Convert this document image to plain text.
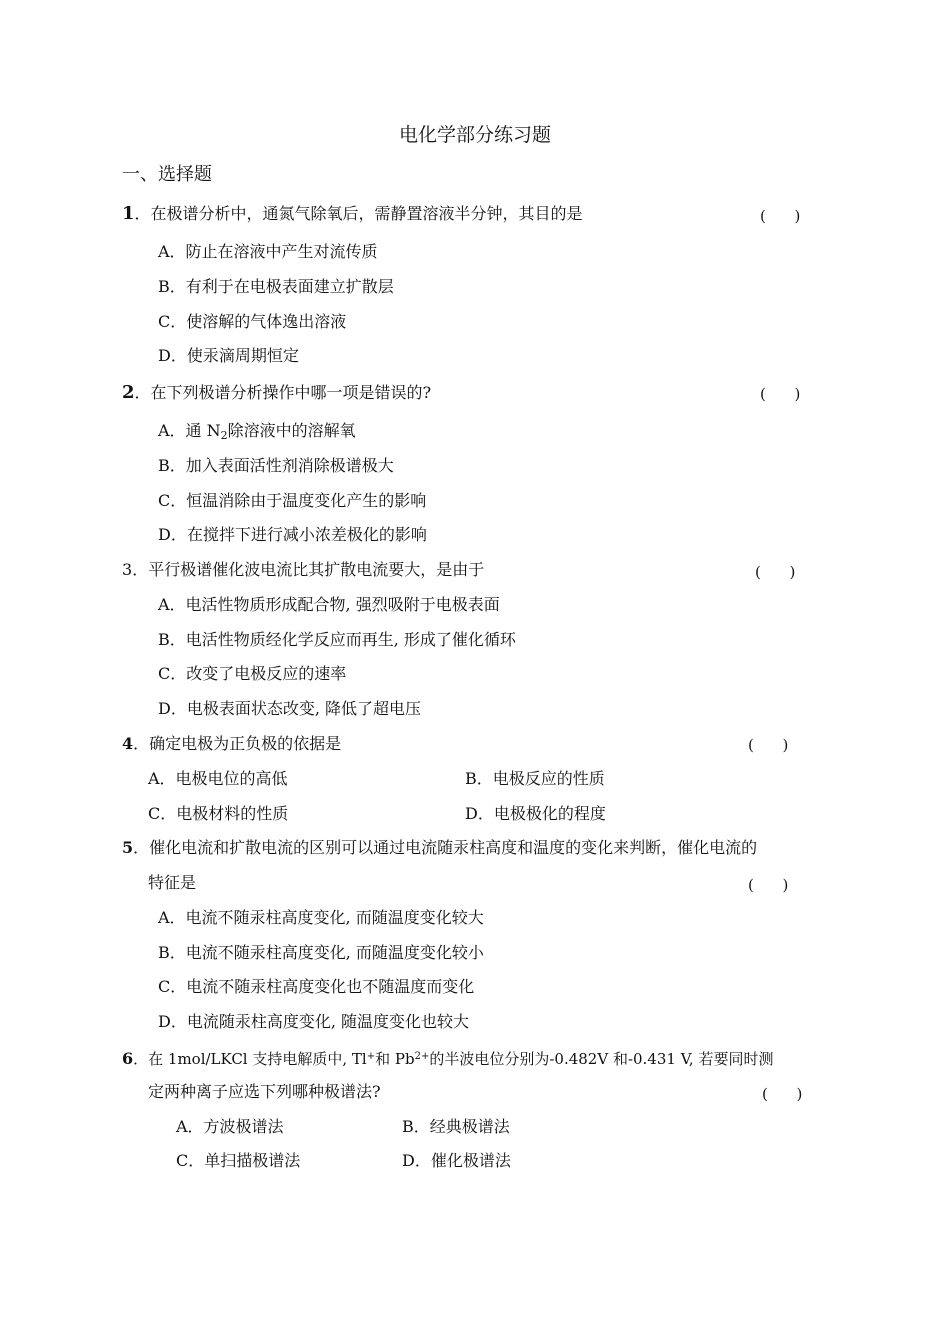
电化学部分练习题
一、选择题
1．在极谱分析中，通氮气除氧后，需静置溶液半分钟，其目的是	(      )
A．防止在溶液中产生对流传质
B．有利于在电极表面建立扩散层
C．使溶解的气体逸出溶液
D．使汞滴周期恒定
2．在下列极谱分析操作中哪一项是错误的?	(      )
A．通 $N_2$除溶液中的溶解氧
B．加入表面活性剂消除极谱极大
C．恒温消除由于温度变化产生的影响
D．在搅拌下进行减小浓差极化的影响
3．平行极谱催化波电流比其扩散电流要大，是由于	(      )
A．电活性物质形成配合物, 强烈吸附于电极表面
B．电活性物质经化学反应而再生, 形成了催化循环
C．改变了电极反应的速率
D．电极表面状态改变, 降低了超电压
4．确定电极为正负极的依据是	(      )
A．电极电位的高低	B．电极反应的性质
C．电极材料的性质	D．电极极化的程度
5．催化电流和扩散电流的区别可以通过电流随汞柱高度和温度的变化来判断，催化电流的
特征是	(      )
A．电流不随汞柱高度变化, 而随温度变化较大
B．电流不随汞柱高度变化, 而随温度变化较小
C．电流不随汞柱高度变化也不随温度而变化
D．电流随汞柱高度变化, 随温度变化也较大
6．在 1mol/LKCl 支持电解质中, Tl+和 $Pb^{2+}$的半波电位分别为-0.482V 和-0.431 V, 若要同时测
定两种离子应选下列哪种极谱法?	(      )
A．方波极谱法	B．经典极谱法
C．单扫描极谱法	D．催化极谱法
